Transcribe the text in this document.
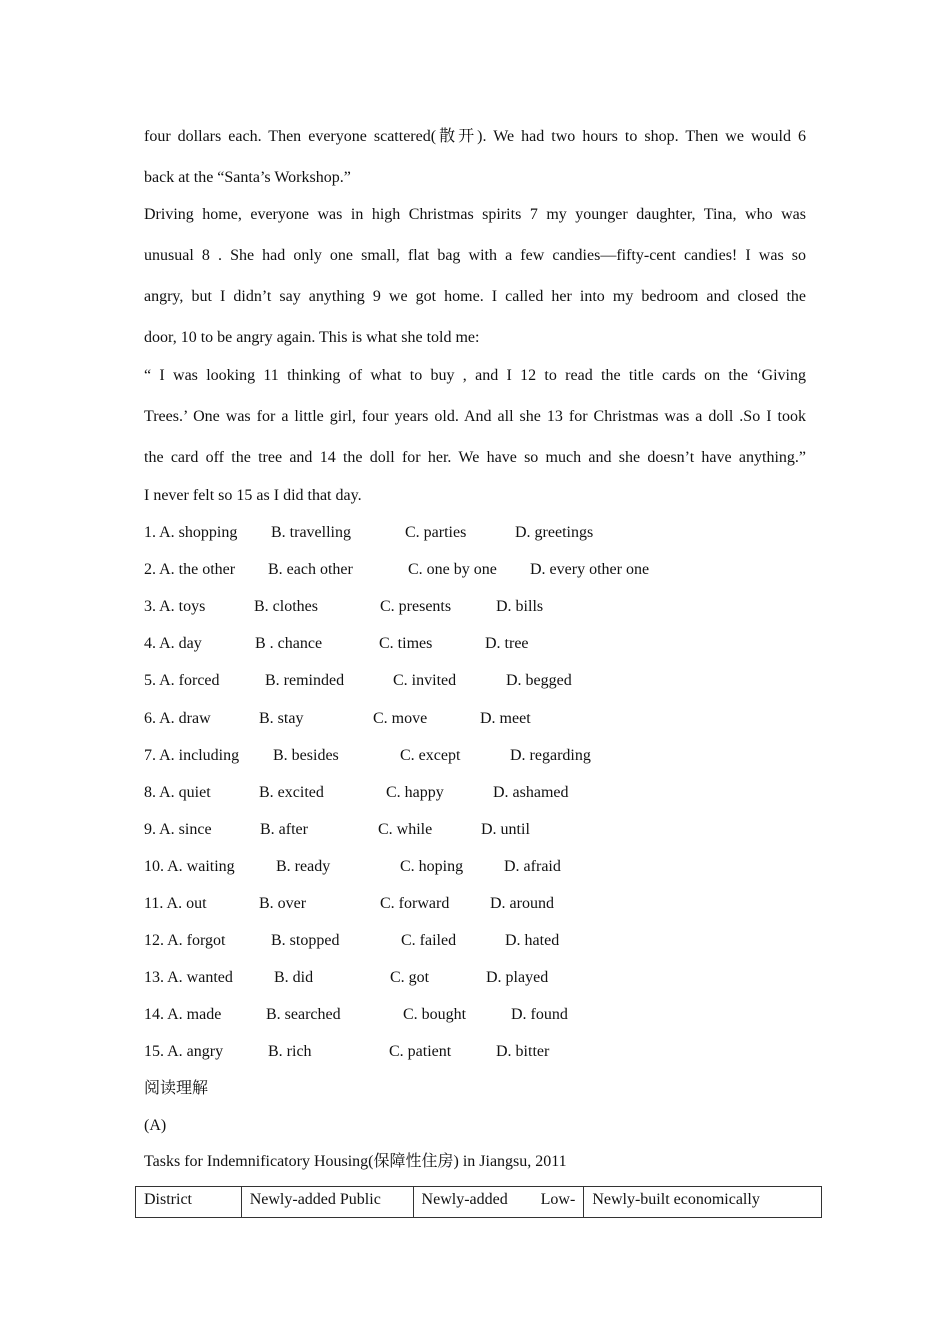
four dollars each. Then everyone scattered(散开). We had two hours to shop. Then we would 6
back at the “Santa’s Workshop.”
Driving home, everyone was in high Christmas spirits 7 my younger daughter, Tina, who was
unusual 8 . She had only one small, flat bag with a few candies—fifty-cent candies! I was so
angry, but I didn’t say anything 9 we got home. I called her into my bedroom and closed the
door, 10 to be angry again. This is what she told me:
“ I was looking 11 thinking of what to buy , and I 12 to read the title cards on the ‘Giving
Trees.’ One was for a little girl, four years old. And all she 13 for Christmas was a doll .So I took
the card off the tree and 14 the doll for her. We have so much and she doesn’t have anything.”
I never felt so 15 as I did that day.
1. A. shopping B. travelling	C. parties	D. greetings
2. A. the other B. each other	C. one by one D. every other one
3. A. toys	B. clothes	C. presents	D. bills
4. A. day	B . chance	C. times	D. tree
5. A. forced	B. reminded	C. invited	D. begged
6. A. draw	B. stay	C. move	D. meet
7. A. including B. besides	C. except	D. regarding
8. A. quiet	B. excited	C. happy	D. ashamed
9. A. since	B. after	C. while	D. until
10. A. waiting	B. ready	C. hoping	D. afraid
11. A. out	B. over	C. forward	D. around
12. A. forgot	B. stopped	C. failed	D. hated
13. A. wanted	B. did	C. got	D. played
14. A. made	B. searched	C. bought	D. found
15. A. angry	B. rich	C. patient	D. bitter
阅读理解
(A)
Tasks for Indemnificatory Housing(保障性住房) in Jiangsu, 2011
District	Newly-added Public	Newly-added Low-	Newly-built economically
